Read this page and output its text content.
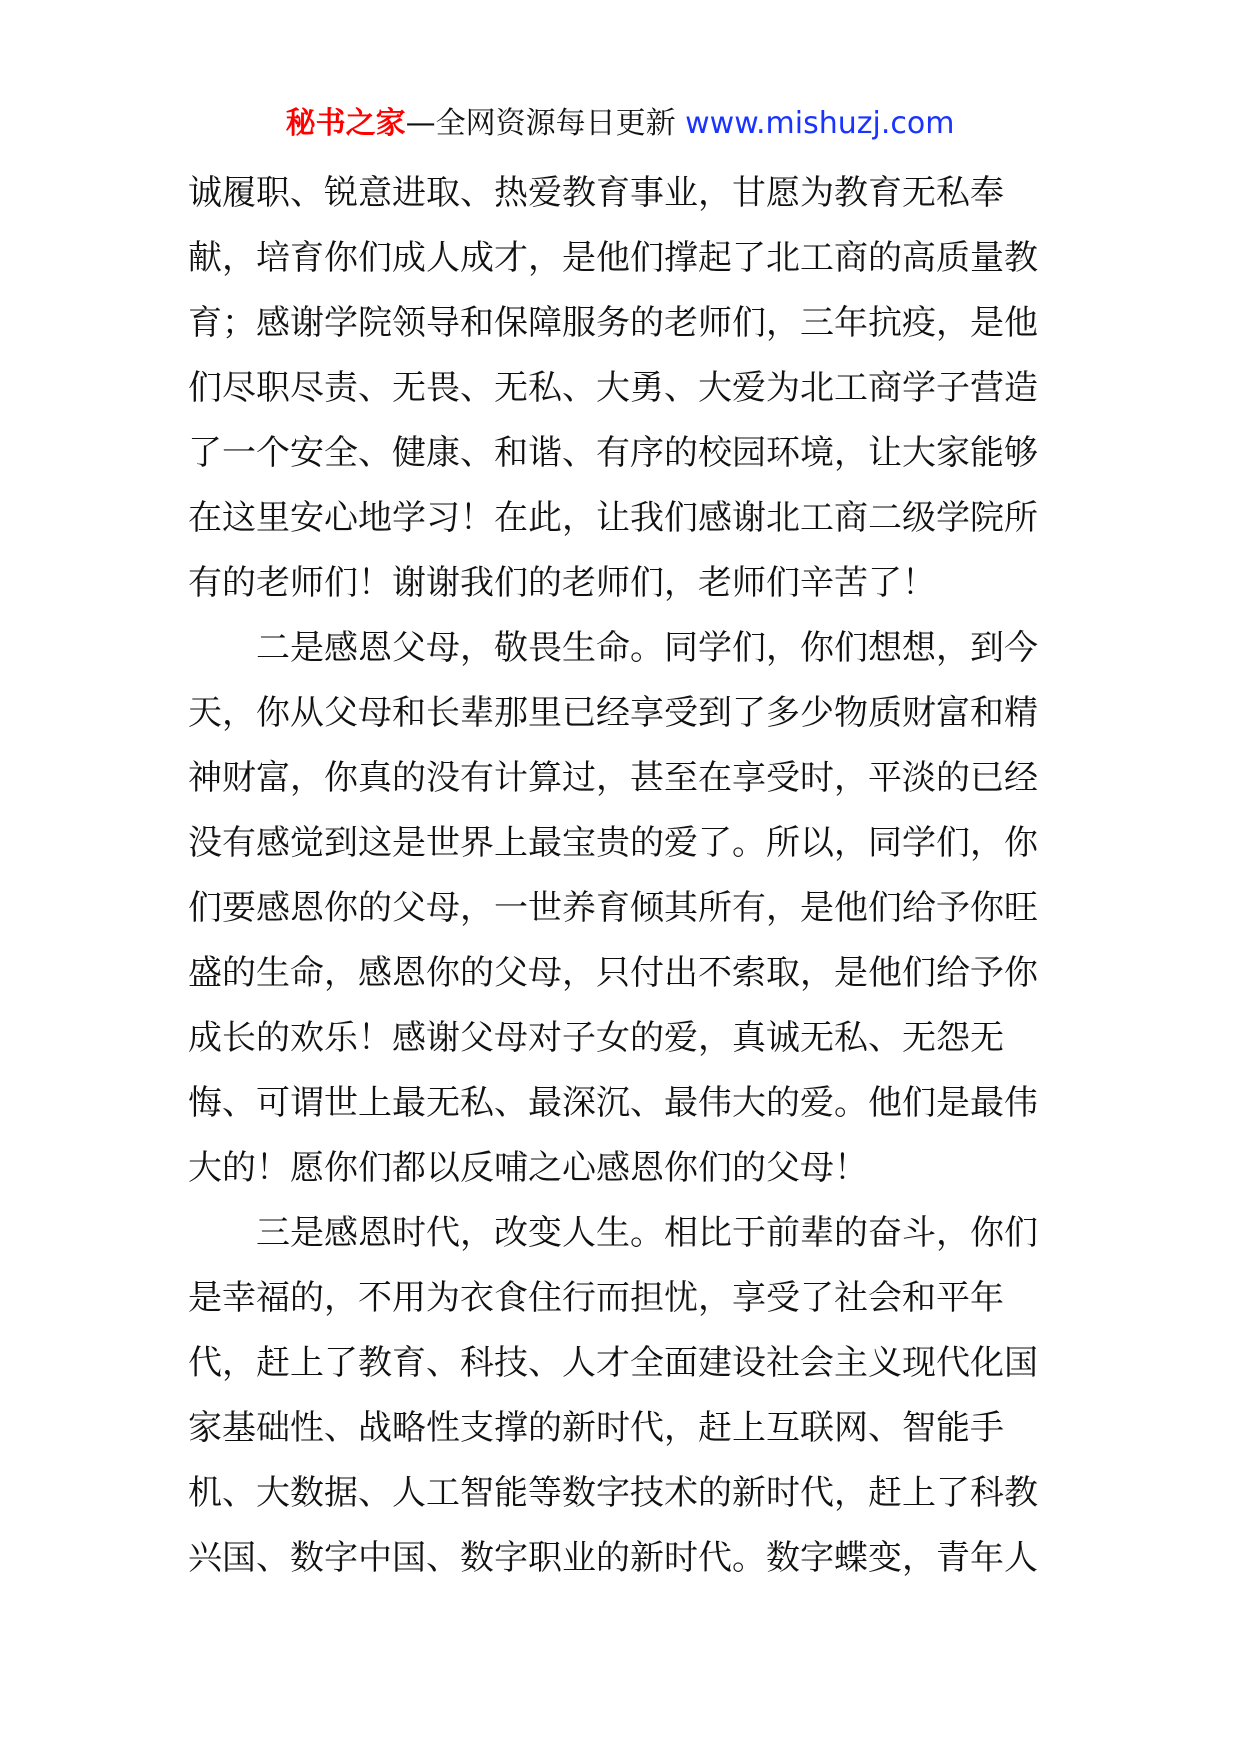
秘书之家—全网资源每日更新 www.mishuzj.com
诚履职、锐意进取、热爱教育事业，甘愿为教育无私奉
献，培育你们成人成才，是他们撑起了北工商的高质量教
育；感谢学院领导和保障服务的老师们，三年抗疫，是他
们尽职尽责、无畏、无私、大勇、大爱为北工商学子营造
了一个安全、健康、和谐、有序的校园环境，让大家能够
在这里安心地学习！在此，让我们感谢北工商二级学院所
有的老师们！谢谢我们的老师们，老师们辛苦了！
　　二是感恩父母，敬畏生命。同学们，你们想想，到今
天，你从父母和长辈那里已经享受到了多少物质财富和精
神财富，你真的没有计算过，甚至在享受时，平淡的已经
没有感觉到这是世界上最宝贵的爱了。所以，同学们，你
们要感恩你的父母，一世养育倾其所有，是他们给予你旺
盛的生命，感恩你的父母，只付出不索取，是他们给予你
成长的欢乐！感谢父母对子女的爱，真诚无私、无怨无
悔、可谓世上最无私、最深沉、最伟大的爱。他们是最伟
大的！愿你们都以反哺之心感恩你们的父母！
　　三是感恩时代，改变人生。相比于前辈的奋斗，你们
是幸福的，不用为衣食住行而担忧，享受了社会和平年
代，赶上了教育、科技、人才全面建设社会主义现代化国
家基础性、战略性支撑的新时代，赶上互联网、智能手
机、大数据、人工智能等数字技术的新时代，赶上了科教
兴国、数字中国、数字职业的新时代。数字蝶变，青年人
